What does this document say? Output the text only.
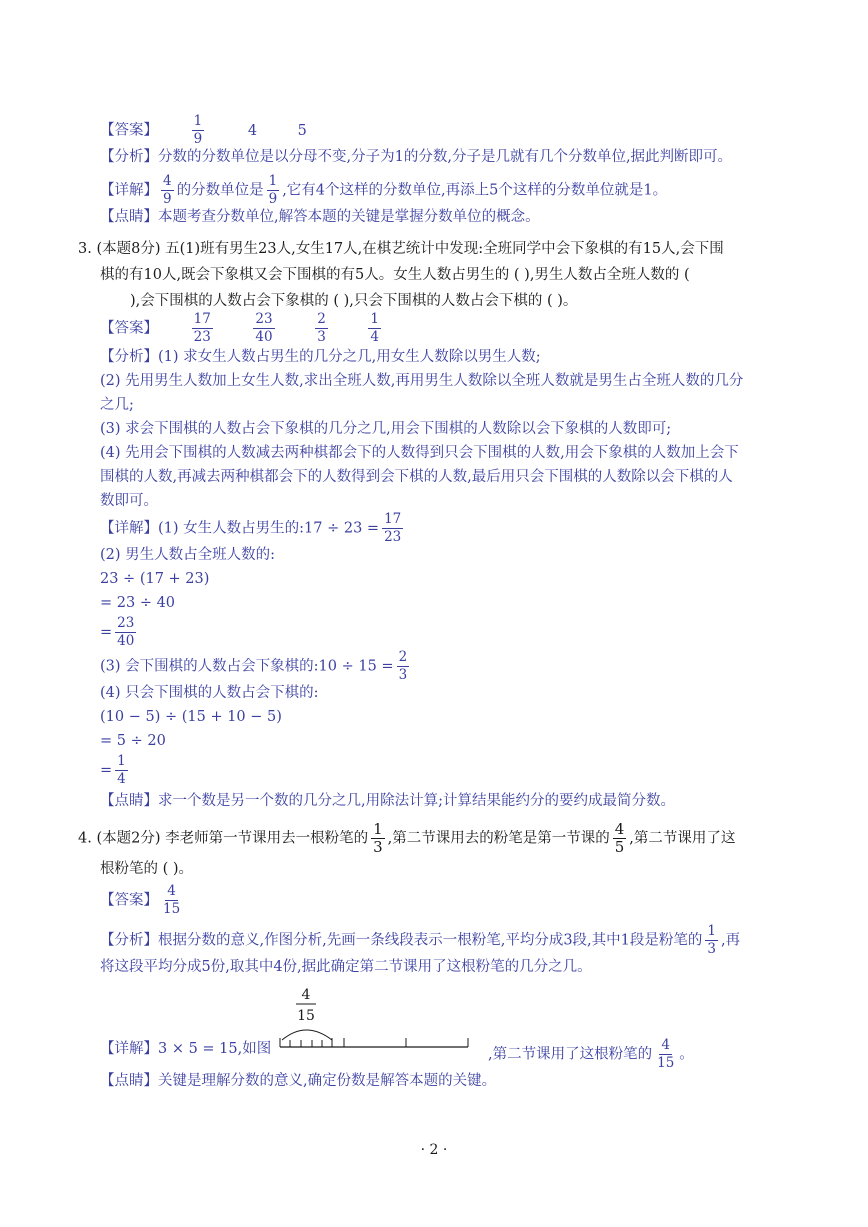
【答案】 $\frac{1}{9}$	4	5
【分析】分数的分数单位是以分母不变,分子为1的分数,分子是几就有几个分数单位,据此判断即可。
【详解】 $\frac{4}{9}$ 的分数单位是 $\frac{1}{9}$ ,它有4个这样的分数单位,再添上5个这样的分数单位就是1。
【点睛】本题考查分数单位,解答本题的关键是掌握分数单位的概念。
3. (本题8分) 五(1)班有男生23人,女生17人,在棋艺统计中发现:全班同学中会下象棋的有15人,会下围
棋的有10人,既会下象棋又会下围棋的有5人。女生人数占男生的 ( ),男生人数占全班人数的 (
),会下围棋的人数占会下象棋的 ( ),只会下围棋的人数占会下棋的 ( )。
【答案】 $\frac{17}{23}$
	$\frac{23}{40}$
	$\frac{2}{3}$
	$\frac{1}{4}$
【分析】(1) 求女生人数占男生的几分之几,用女生人数除以男生人数;
(2) 先用男生人数加上女生人数,求出全班人数,再用男生人数除以全班人数就是男生占全班人数的几分
之几;
(3) 求会下围棋的人数占会下象棋的几分之几,用会下围棋的人数除以会下象棋的人数即可;
(4) 先用会下围棋的人数减去两种棋都会下的人数得到只会下围棋的人数,用会下象棋的人数加上会下
围棋的人数,再减去两种棋都会下的人数得到会下棋的人数,最后用只会下围棋的人数除以会下棋的人
数即可。
【详解】(1) 女生人数占男生的:17 ÷ $23 = \frac{17}{23}$
(2) 男生人数占全班人数的:
23 ÷ (17 + 23)
= 23 ÷ 40
= $\frac{23}{40}$
(3) 会下围棋的人数占会下象棋的:10 ÷ $15 = \frac{2}{3}$
(4) 只会下围棋的人数占会下棋的:
(10 − 5) ÷ (15 + 10 − 5)
= 5 ÷ 20
= $\frac{1}{4}$
【点睛】求一个数是另一个数的几分之几,用除法计算;计算结果能约分的要约成最简分数。
4. (本题2分) 李老师第一节课用去一根粉笔的 $\frac{1}{3}$ ,第二节课用去的粉笔是第一节课的 $\frac{4}{5}$ ,第二节课用了这
根粉笔的 ( )。
【答案】 $\frac{4}{15}$
【分析】根据分数的意义,作图分析,先画一条线段表示一根粉笔,平均分成3段,其中1段是粉笔的 $\frac{1}{3}$ ,再
将这段平均分成5份,取其中4份,据此确定第二节课用了这根粉笔的几分之几。
4
15
【详解】3 × 5 = 15,如图	,第二节课用了这根粉笔的 $\frac{4}{15}$ 。
【点睛】关键是理解分数的意义,确定份数是解答本题的关键。
· 2 ·
